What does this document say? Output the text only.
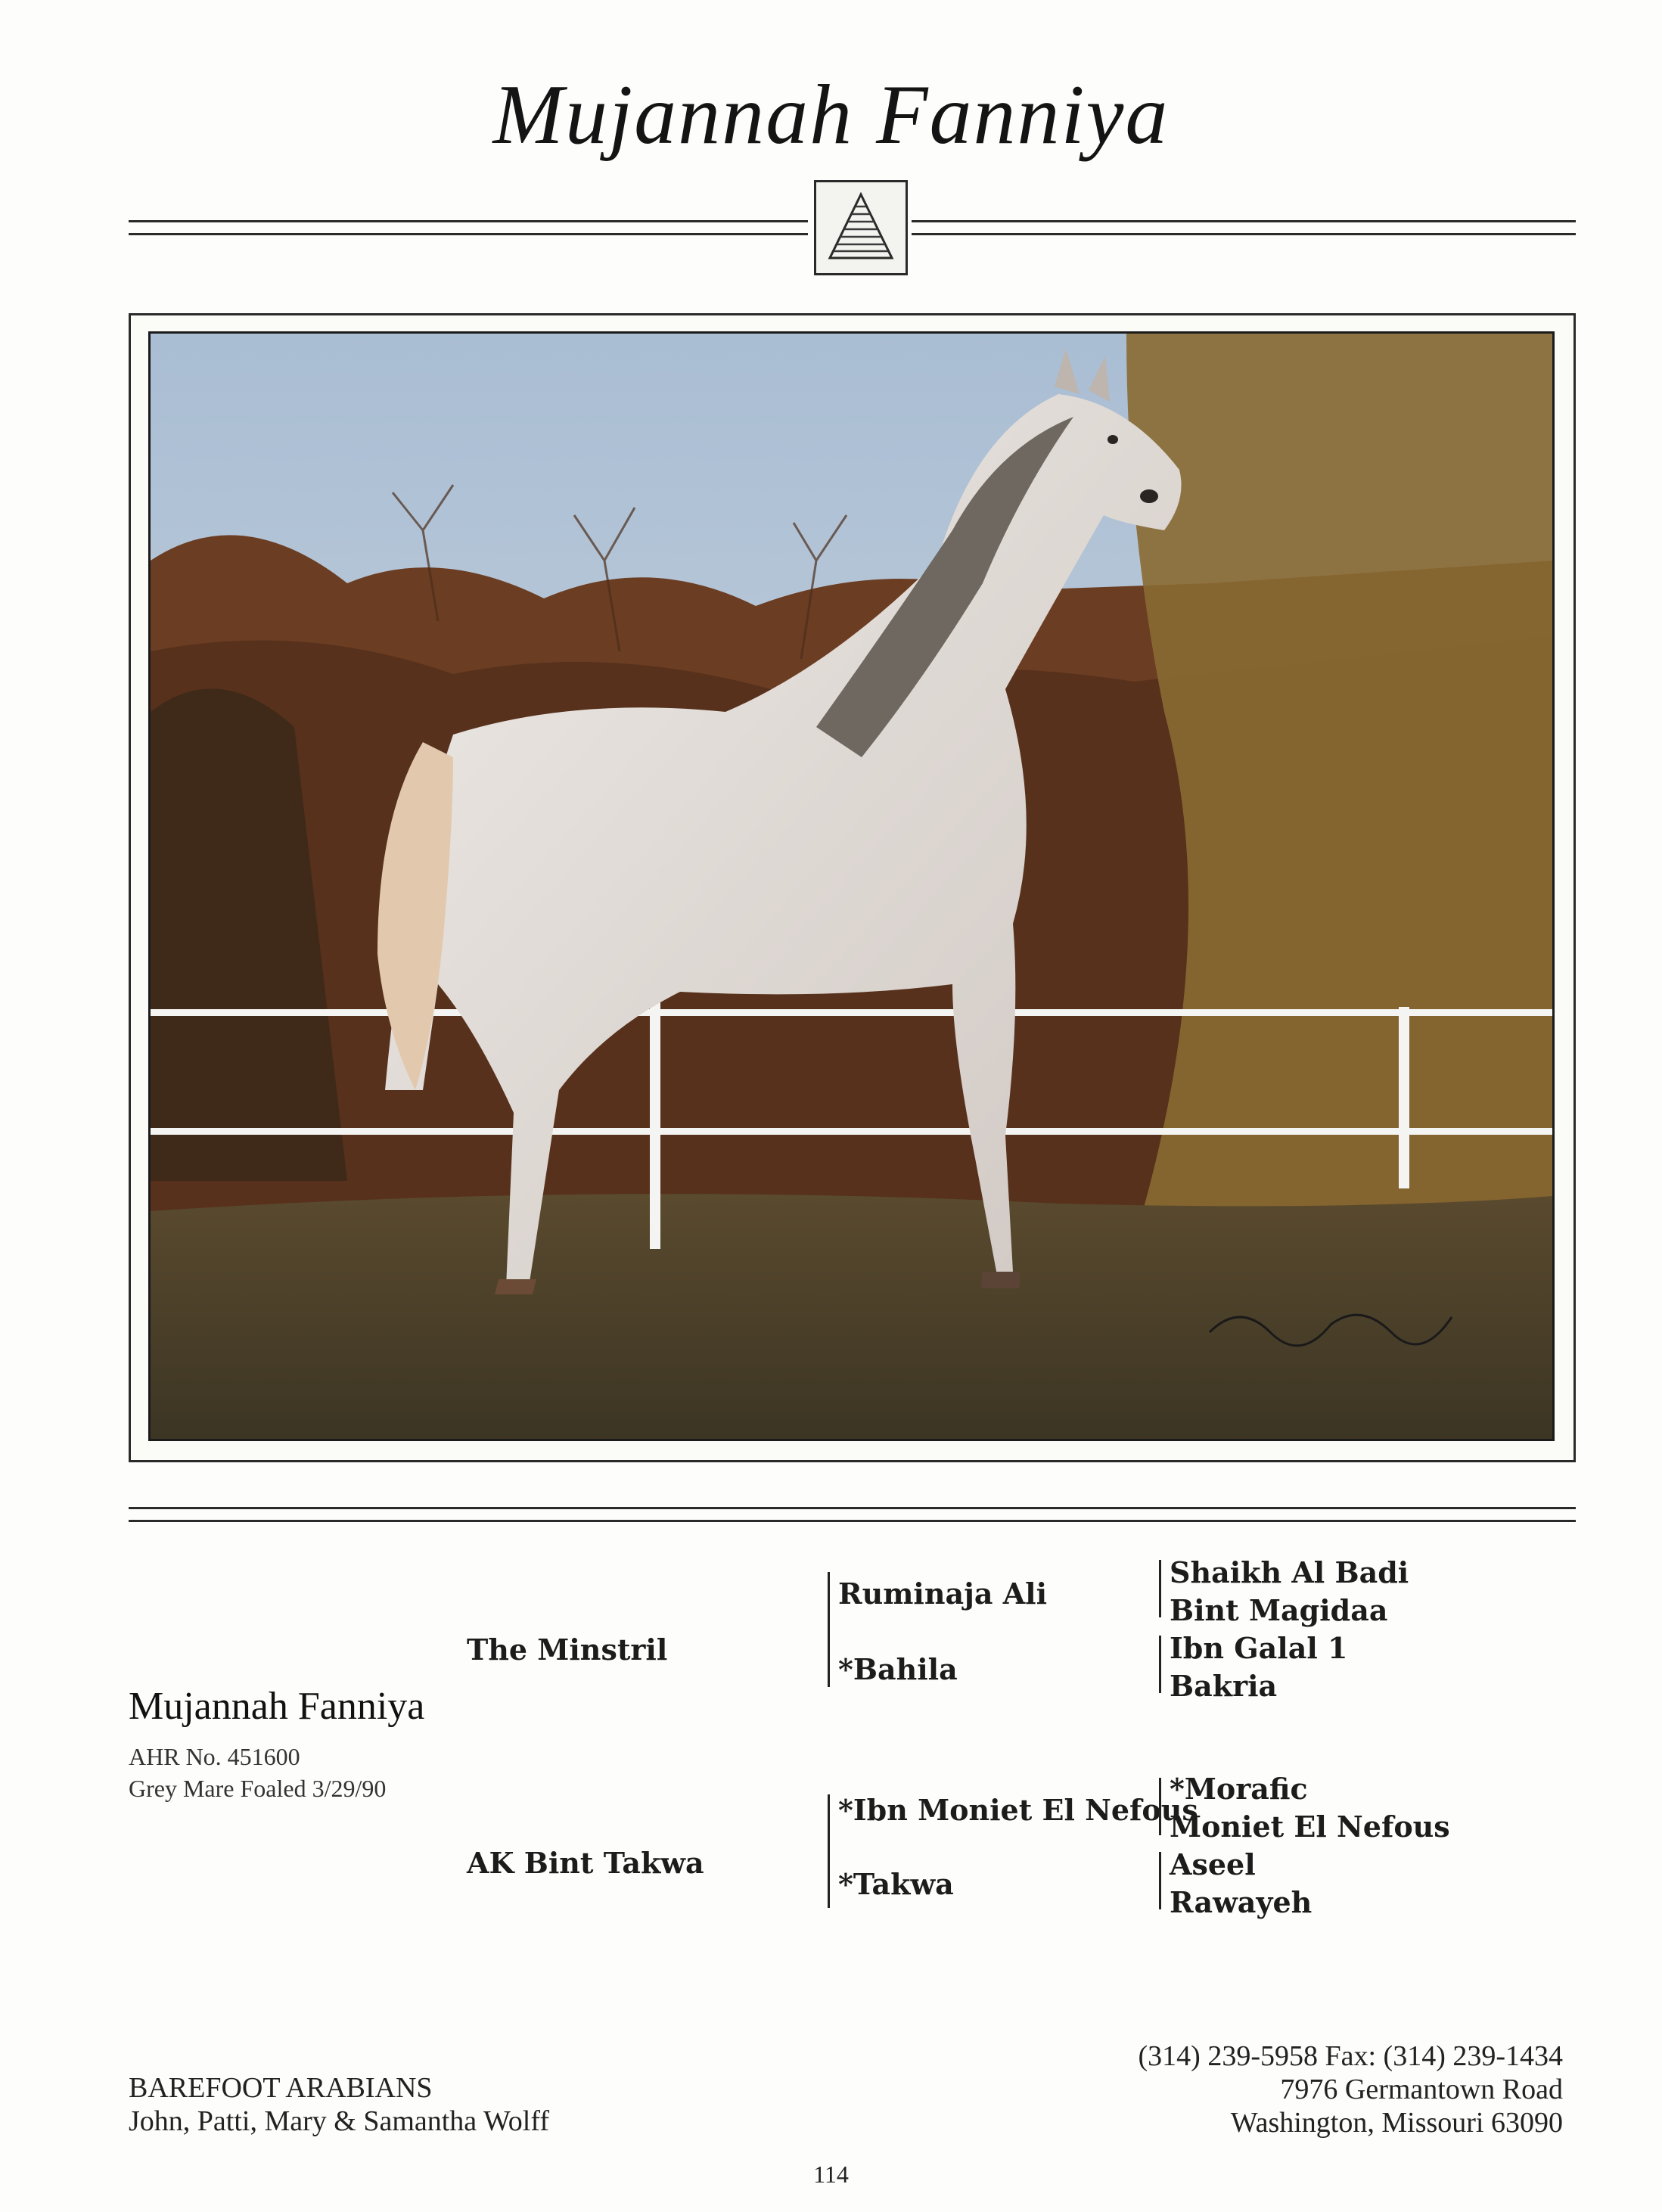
Mujannah Fanniya
Mujannah Fanniya
AHR No. 451600
Grey Mare Foaled 3/29/90
The Minstril
AK Bint Takwa
Ruminaja Ali
*Bahila
*Ibn Moniet El Nefous
*Takwa
Shaikh Al Badi
Bint Magidaa
Ibn Galal 1
Bakria
*Morafic
Moniet El Nefous
Aseel
Rawayeh
BAREFOOT ARABIANS
John, Patti, Mary & Samantha Wolff
(314) 239-5958 Fax: (314) 239-1434
7976 Germantown Road
Washington, Missouri 63090
114
